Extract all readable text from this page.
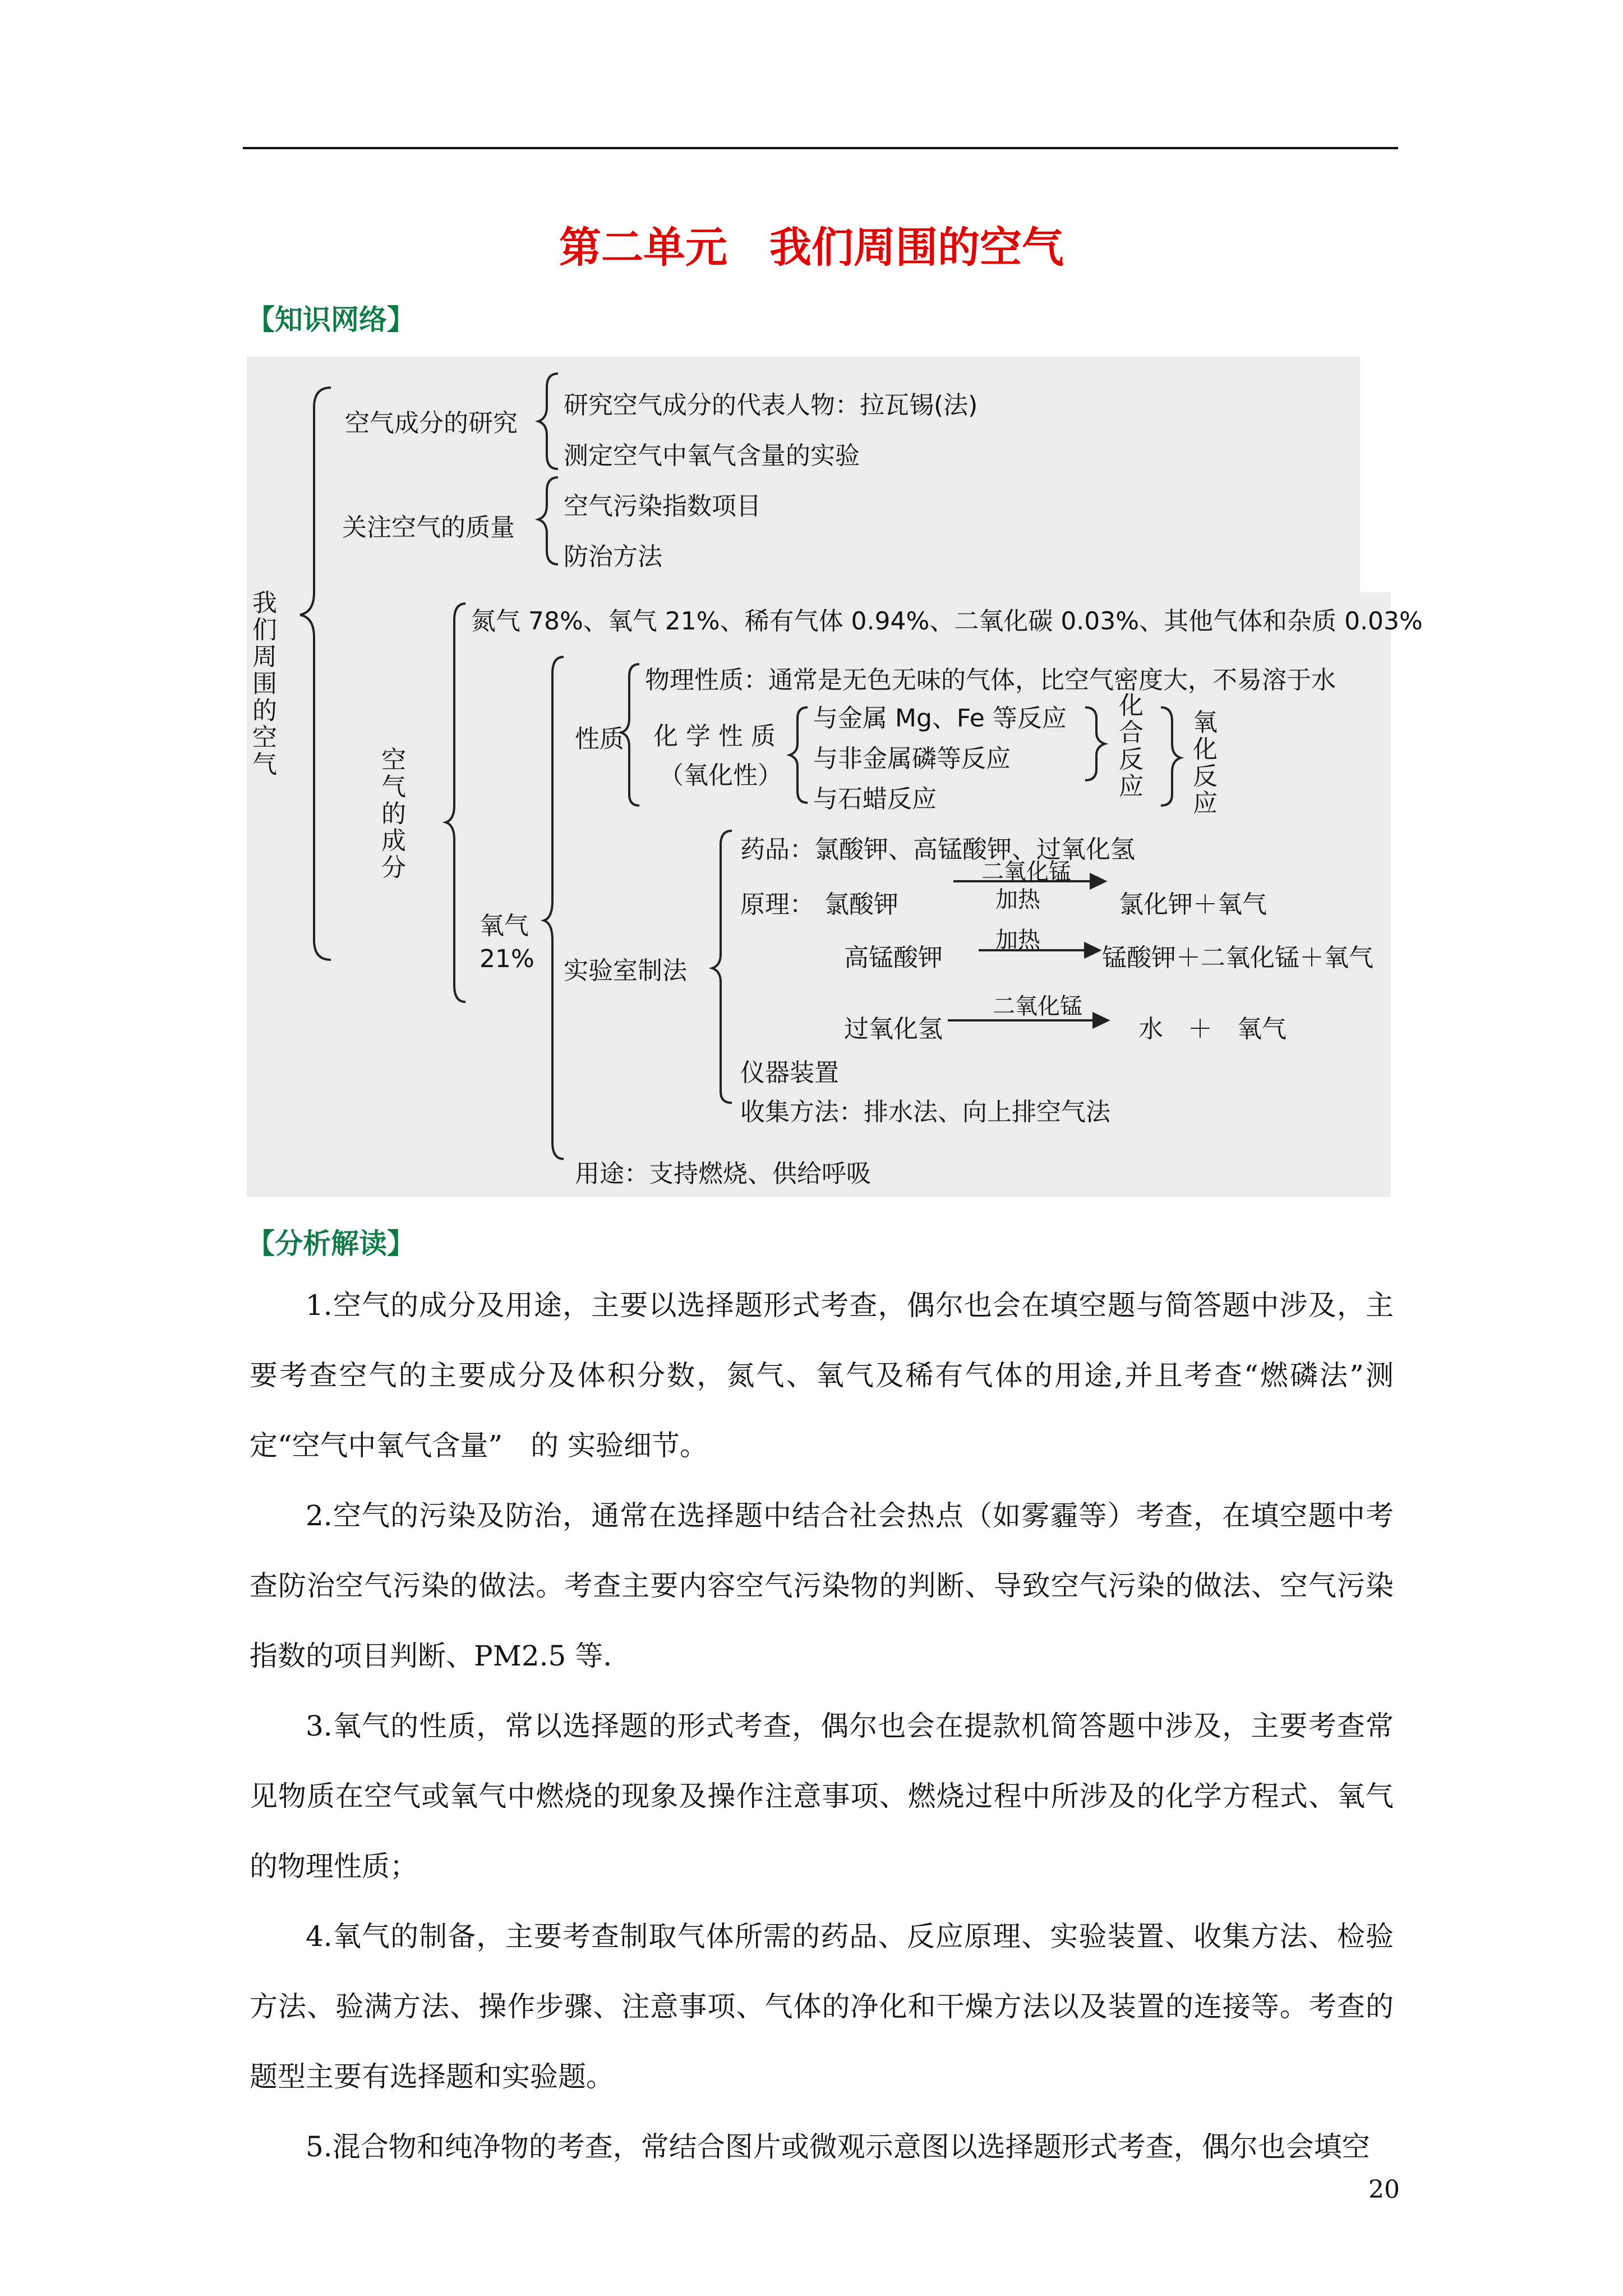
第二单元　我们周围的空气
【知识网络】
我们周围的空气
空气成分的研究
研究空气成分的代表人物：拉瓦锡(法)
测定空气中氧气含量的实验
关注空气的质量
空气污染指数项目
防治方法
空气的成分
氮气 78%、氧气 21%、稀有气体 0.94%、二氧化碳 0.03%、其他气体和杂质 0.03%
氧气
21%
性质
物理性质：通常是无色无味的气体，比空气密度大，不易溶于水
化 学 性 质
（氧化性）
与金属 Mg、Fe 等反应
与非金属磷等反应
与石蜡反应	化合反应 氧化反应
实验室制法
药品：氯酸钾、高锰酸钾、过氧化氢
原理： 氯酸钾
二氧化锰
加热	氯化钾＋氧气
高锰酸钾
加热
锰酸钾＋二氧化锰＋氧气
过氧化氢
二氧化锰
水　＋　氧气
仪器装置
收集方法：排水法、向上排空气法
用途：支持燃烧、供给呼吸
【分析解读】

1.空气的成分及用途，主要以选择题形式考查，偶尔也会在填空题与简答题中涉及，主要考查空气的主要成分及体积分数，氮气、氧气及稀有气体的用途,并且考查“燃磷法”测定“空气中氧气含量”　的 实验细节。

2.空气的污染及防治，通常在选择题中结合社会热点（如雾霾等）考查，在填空题中考查防治空气污染的做法。考查主要内容空气污染物的判断、导致空气污染的做法、空气污染指数的项目判断、PM2.5 等.

3.氧气的性质，常以选择题的形式考查，偶尔也会在提款机简答题中涉及，主要考查常见物质在空气或氧气中燃烧的现象及操作注意事项、燃烧过程中所涉及的化学方程式、氧气的物理性质；

4.氧气的制备，主要考查制取气体所需的药品、反应原理、实验装置、收集方法、检验方法、验满方法、操作步骤、注意事项、气体的净化和干燥方法以及装置的连接等。考查的题型主要有选择题和实验题。

5.混合物和纯净物的考查，常结合图片或微观示意图以选择题形式考查，偶尔也会填空

20
